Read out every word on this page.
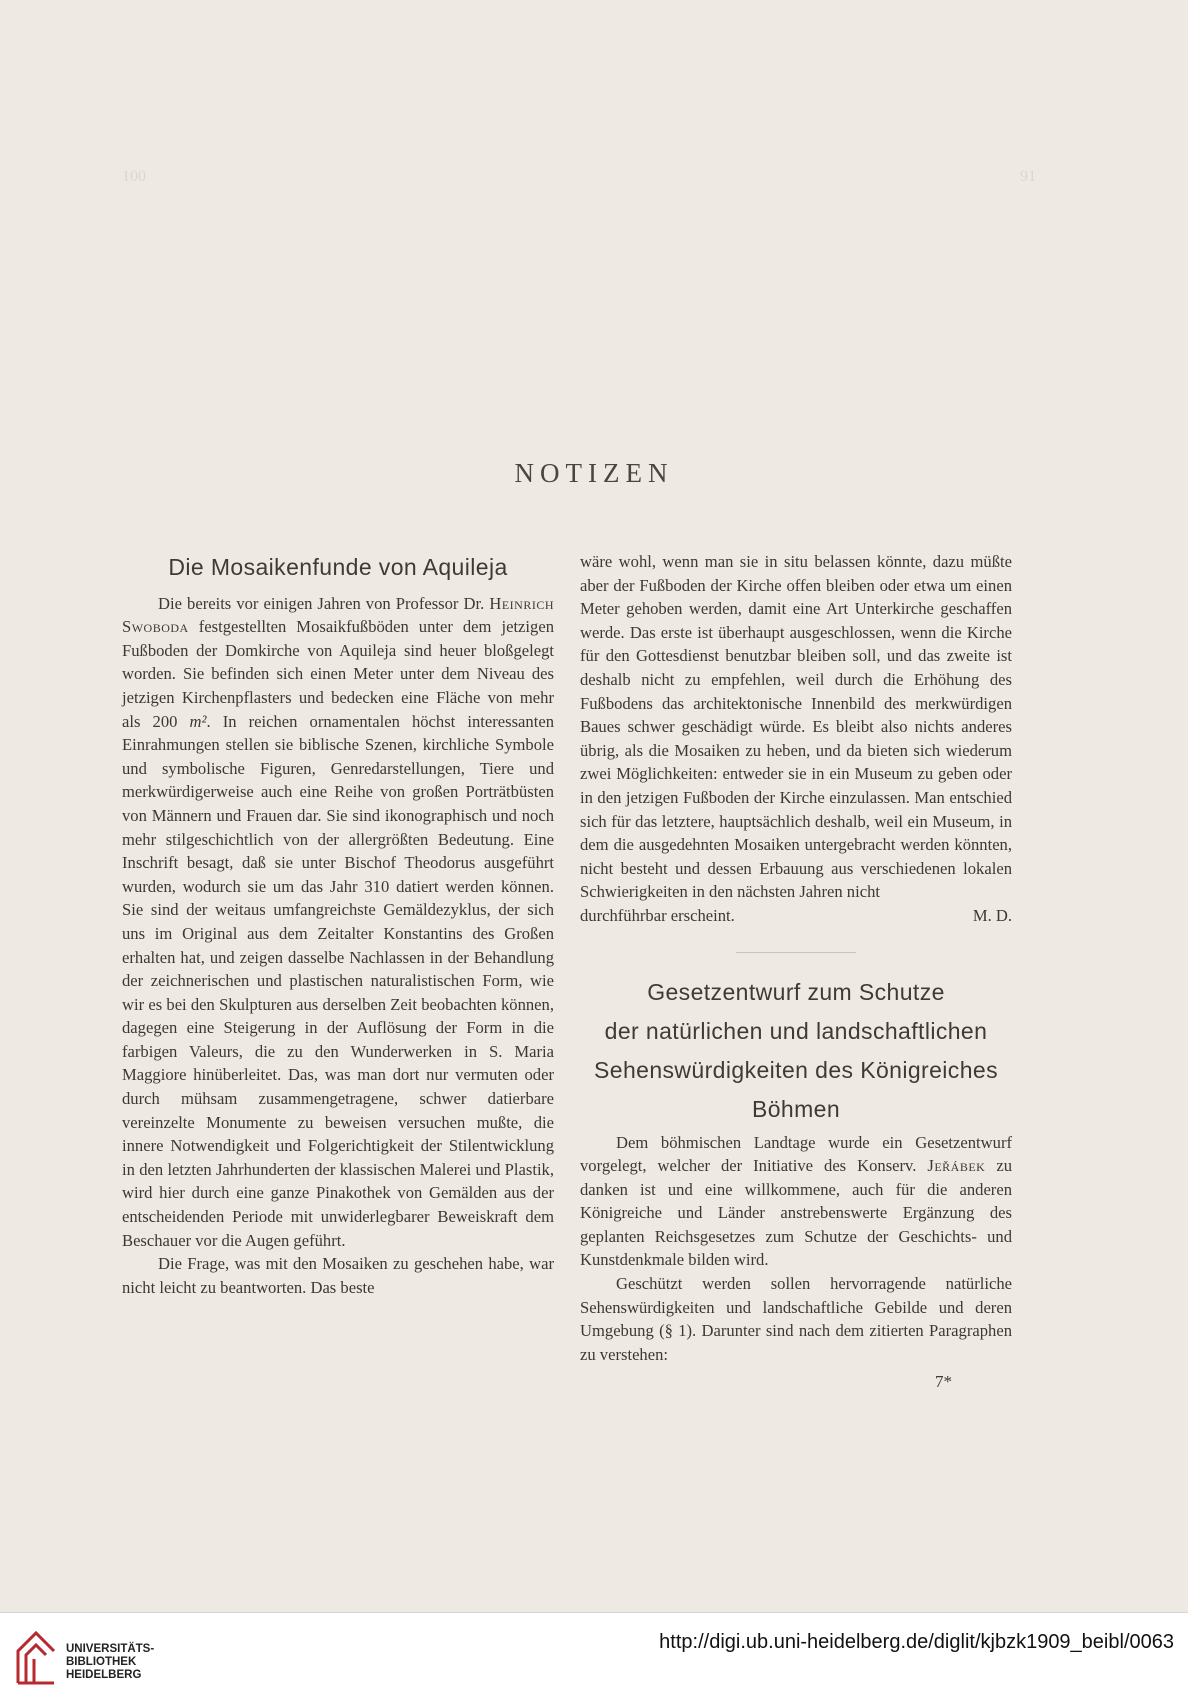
100	91
NOTIZEN
Die Mosaikenfunde von Aquileja

Die bereits vor einigen Jahren von Professor Dr. Heinrich Swoboda festgestellten Mosaikfußböden unter dem jetzigen Fußboden der Domkirche von Aquileja sind heuer bloßgelegt worden. Sie befinden sich einen Meter unter dem Niveau des jetzigen Kirchenpflasters und bedecken eine Fläche von mehr als 200 m². In reichen ornamentalen höchst interessanten Einrahmungen stellen sie biblische Szenen, kirchliche Symbole und symbolische Figuren, Genredarstellungen, Tiere und merkwürdigerweise auch eine Reihe von großen Porträtbüsten von Männern und Frauen dar. Sie sind ikonographisch und noch mehr stilgeschichtlich von der allergrößten Bedeutung. Eine Inschrift besagt, daß sie unter Bischof Theodorus ausgeführt wurden, wodurch sie um das Jahr 310 datiert werden können. Sie sind der weitaus umfangreichste Gemäldezyklus, der sich uns im Original aus dem Zeitalter Konstantins des Großen erhalten hat, und zeigen dasselbe Nachlassen in der Behandlung der zeichnerischen und plastischen naturalistischen Form, wie wir es bei den Skulpturen aus derselben Zeit beobachten können, dagegen eine Steigerung in der Auflösung der Form in die farbigen Valeurs, die zu den Wunderwerken in S. Maria Maggiore hinüberleitet. Das, was man dort nur vermuten oder durch mühsam zusammengetragene, schwer datierbare vereinzelte Monumente zu beweisen versuchen mußte, die innere Notwendigkeit und Folgerichtigkeit der Stilentwicklung in den letzten Jahrhunderten der klassischen Malerei und Plastik, wird hier durch eine ganze Pinakothek von Gemälden aus der entscheidenden Periode mit unwiderlegbarer Beweiskraft dem Beschauer vor die Augen geführt.

Die Frage, was mit den Mosaiken zu geschehen habe, war nicht leicht zu beantworten. Das beste

wäre wohl, wenn man sie in situ belassen könnte, dazu müßte aber der Fußboden der Kirche offen bleiben oder etwa um einen Meter gehoben werden, damit eine Art Unterkirche geschaffen werde. Das erste ist überhaupt ausgeschlossen, wenn die Kirche für den Gottesdienst benutzbar bleiben soll, und das zweite ist deshalb nicht zu empfehlen, weil durch die Erhöhung des Fußbodens das architektonische Innenbild des merkwürdigen Baues schwer geschädigt würde. Es bleibt also nichts anderes übrig, als die Mosaiken zu heben, und da bieten sich wiederum zwei Möglichkeiten: entweder sie in ein Museum zu geben oder in den jetzigen Fußboden der Kirche einzulassen. Man entschied sich für das letztere, hauptsächlich deshalb, weil ein Museum, in dem die ausgedehnten Mosaiken untergebracht werden könnten, nicht besteht und dessen Erbauung aus verschiedenen lokalen Schwierigkeiten in den nächsten Jahren nicht

durchführbar erscheint.	M. D.
Gesetzentwurf zum Schutze
der natürlichen und landschaftlichen
Sehenswürdigkeiten des Königreiches
Böhmen

Dem böhmischen Landtage wurde ein Gesetzentwurf vorgelegt, welcher der Initiative des Konserv. Jeřábek zu danken ist und eine willkommene, auch für die anderen Königreiche und Länder anstrebenswerte Ergänzung des geplanten Reichsgesetzes zum Schutze der Geschichts- und Kunstdenkmale bilden wird.

Geschützt werden sollen hervorragende natürliche Sehenswürdigkeiten und landschaftliche Gebilde und deren Umgebung (§ 1). Darunter sind nach dem zitierten Paragraphen zu verstehen:

7*
UNIVERSITÄTS-
BIBLIOTHEK
HEIDELBERG
http://digi.ub.uni-heidelberg.de/diglit/kjbzk1909_beibl/0063
